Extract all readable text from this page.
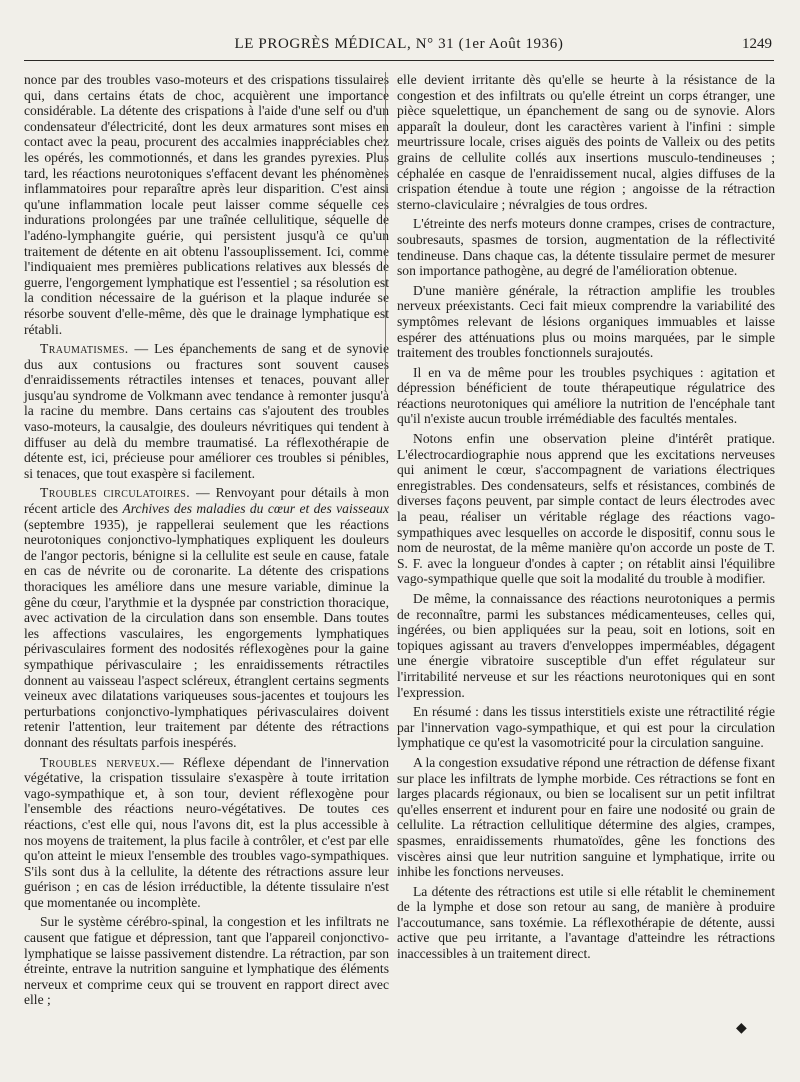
LE PROGRÈS MÉDICAL, N° 31 (1er Août 1936)	1249

nonce par des troubles vaso-moteurs et des crispations tissulaires qui, dans certains états de choc, acquièrent une importance considérable. La détente des crispations à l'aide d'une self ou d'un condensateur d'électricité, dont les deux armatures sont mises en contact avec la peau, procurent des accalmies inappréciables chez les opérés, les commotionnés, et dans les grandes pyrexies. Plus tard, les réactions neurotoniques s'effacent devant les phénomènes inflammatoires pour reparaître après leur disparition. C'est ainsi qu'une inflammation locale peut laisser comme séquelle ces indurations prolongées par une traînée cellulitique, séquelle de l'adéno-lymphangite guérie, qui persistent jusqu'à ce qu'un traitement de détente en ait obtenu l'assouplissement. Ici, comme l'indiquaient mes premières publications relatives aux blessés de guerre, l'engorgement lymphatique est l'essentiel ; sa résolution est la condition nécessaire de la guérison et la plaque indurée se résorbe souvent d'elle-même, dès que le drainage lymphatique est rétabli.

Traumatismes. — Les épanchements de sang et de synovie dus aux contusions ou fractures sont souvent causes d'enraidissements rétractiles intenses et tenaces, pouvant aller jusqu'au syndrome de Volkmann avec tendance à remonter jusqu'à la racine du membre. Dans certains cas s'ajoutent des troubles vaso-moteurs, la causalgie, des douleurs névritiques qui tendent à diffuser au delà du membre traumatisé. La réflexothérapie de détente est, ici, précieuse pour améliorer ces troubles si pénibles, si tenaces, que tout exaspère si facilement.

Troubles circulatoires. — Renvoyant pour détails à mon récent article des Archives des maladies du cœur et des vaisseaux (septembre 1935), je rappellerai seulement que les réactions neurotoniques conjonctivo-lymphatiques expliquent les douleurs de l'angor pectoris, bénigne si la cellulite est seule en cause, fatale en cas de névrite ou de coronarite. La détente des crispations thoraciques les améliore dans une mesure variable, diminue la gêne du cœur, l'arythmie et la dyspnée par constriction thoracique, avec activation de la circulation dans son ensemble. Dans toutes les affections vasculaires, les engorgements lymphatiques périvasculaires forment des nodosités réflexogènes pour la gaine sympathique périvasculaire ; les enraidissements rétractiles donnent au vaisseau l'aspect scléreux, étranglent certains segments veineux avec dilatations variqueuses sous-jacentes et toujours les perturbations conjonctivo-lymphatiques périvasculaires doivent retenir l'attention, leur traitement par détente des rétractions donnant des résultats parfois inespérés.

Troubles nerveux.— Réflexe dépendant de l'innervation végétative, la crispation tissulaire s'exaspère à toute irritation vago-sympathique et, à son tour, devient réflexogène pour l'ensemble des réactions neuro-végétatives. De toutes ces réactions, c'est elle qui, nous l'avons dit, est la plus accessible à nos moyens de traitement, la plus facile à contrôler, et c'est par elle qu'on atteint le mieux l'ensemble des troubles vago-sympathiques. S'ils sont dus à la cellulite, la détente des rétractions assure leur guérison ; en cas de lésion irréductible, la détente tissulaire n'est que momentanée ou incomplète.

Sur le système cérébro-spinal, la congestion et les infiltrats ne causent que fatigue et dépression, tant que l'appareil conjonctivo-lymphatique se laisse passivement distendre. La rétraction, par son étreinte, entrave la nutrition sanguine et lymphatique des éléments nerveux et comprime ceux qui se trouvent en rapport direct avec elle ;

elle devient irritante dès qu'elle se heurte à la résistance de la congestion et des infiltrats ou qu'elle étreint un corps étranger, une pièce squelettique, un épanchement de sang ou de synovie. Alors apparaît la douleur, dont les caractères varient à l'infini : simple meurtrissure locale, crises aiguës des points de Valleix ou des petits grains de cellulite collés aux insertions musculo-tendineuses ; céphalée en casque de l'enraidissement nucal, algies diffuses de la crispation étendue à toute une région ; angoisse de la rétraction sterno-claviculaire ; névralgies de tous ordres.

L'étreinte des nerfs moteurs donne crampes, crises de contracture, soubresauts, spasmes de torsion, augmentation de la réflectivité tendineuse. Dans chaque cas, la détente tissulaire permet de mesurer son importance pathogène, au degré de l'amélioration obtenue.

D'une manière générale, la rétraction amplifie les troubles nerveux préexistants. Ceci fait mieux comprendre la variabilité des symptômes relevant de lésions organiques immuables et laisse espérer des atténuations plus ou moins marquées, par le simple traitement des troubles fonctionnels surajoutés.

Il en va de même pour les troubles psychiques : agitation et dépression bénéficient de toute thérapeutique régulatrice des réactions neurotoniques qui améliore la nutrition de l'encéphale tant qu'il n'existe aucun trouble irrémédiable des facultés mentales.

Notons enfin une observation pleine d'intérêt pratique. L'électrocardiographie nous apprend que les excitations nerveuses qui animent le cœur, s'accompagnent de variations électriques enregistrables. Des condensateurs, selfs et résistances, combinés de diverses façons peuvent, par simple contact de leurs électrodes avec la peau, réaliser un véritable réglage des réactions vago-sympathiques avec lesquelles on accorde le dispositif, connu sous le nom de neurostat, de la même manière qu'on accorde un poste de T. S. F. avec la longueur d'ondes à capter ; on rétablit ainsi l'équilibre vago-sympathique quelle que soit la modalité du trouble à modifier.

De même, la connaissance des réactions neurotoniques a permis de reconnaître, parmi les substances médicamenteuses, celles qui, ingérées, ou bien appliquées sur la peau, soit en lotions, soit en topiques agissant au travers d'enveloppes imperméables, dégagent une énergie vibratoire susceptible d'un effet régulateur sur l'irritabilité nerveuse et sur les réactions neurotoniques qui en sont l'expression.

En résumé : dans les tissus interstitiels existe une rétractilité régie par l'innervation vago-sympathique, et qui est pour la circulation lymphatique ce qu'est la vasomotricité pour la circulation sanguine.

A la congestion exsudative répond une rétraction de défense fixant sur place les infiltrats de lymphe morbide. Ces rétractions se font en larges placards régionaux, ou bien se localisent sur un petit infiltrat qu'elles enserrent et indurent pour en faire une nodosité ou grain de cellulite. La rétraction cellulitique détermine des algies, crampes, spasmes, enraidissements rhumatoïdes, gêne les fonctions des viscères ainsi que leur nutrition sanguine et lymphatique, irrite ou inhibe les fonctions nerveuses.

La détente des rétractions est utile si elle rétablit le cheminement de la lymphe et dose son retour au sang, de manière à produire l'accoutumance, sans toxémie. La réflexothérapie de détente, aussi active que peu irritante, a l'avantage d'atteindre les rétractions inaccessibles à un traitement direct.

◆
